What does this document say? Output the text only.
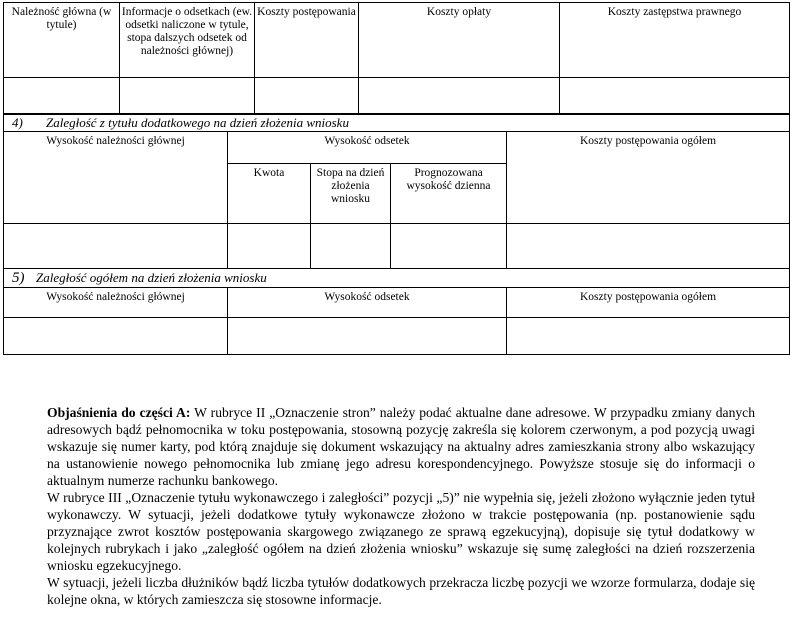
Należność główna (w tytule)	Informacje o odsetkach (ew. odsetki naliczone w tytule, stopa dalszych odsetek od należności głównej)	Koszty postępowania	Koszty opłaty	Koszty zastępstwa prawnego

4) Zaległość z tytułu dodatkowego na dzień złożenia wniosku				
Wysokość należności głównej	Wysokość odsetek			Koszty postępowania ogółem
	Kwota	Stopa na dzień złożenia wniosku	Prognozowana wysokość dzienna	

5) Zaległość ogółem na dzień złożenia wniosku		
Wysokość należności głównej	Wysokość odsetek	Koszty postępowania ogółem

Objaśnienia do części A: W rubryce II „Oznaczenie stron” należy podać aktualne dane adresowe. W przypadku zmiany danych adresowych bądź pełnomocnika w toku postępowania, stosowną pozycję zakreśla się kolorem czerwonym, a pod pozycją uwagi wskazuje się numer karty, pod którą znajduje się dokument wskazujący na aktualny adres zamieszkania strony albo wskazujący na ustanowienie nowego pełnomocnika lub zmianę jego adresu korespondencyjnego. Powyższe stosuje się do informacji o aktualnym numerze rachunku bankowego.

W rubryce III „Oznaczenie tytułu wykonawczego i zaległości” pozycji „5)” nie wypełnia się, jeżeli złożono wyłącznie jeden tytuł wykonawczy. W sytuacji, jeżeli dodatkowe tytuły wykonawcze złożono w trakcie postępowania (np. postanowienie sądu przyznające zwrot kosztów postępowania skargowego związanego ze sprawą egzekucyjną), dopisuje się tytuł dodatkowy w kolejnych rubrykach i jako „zaległość ogółem na dzień złożenia wniosku” wskazuje się sumę zaległości na dzień rozszerzenia wniosku egzekucyjnego.

W sytuacji, jeżeli liczba dłużników bądź liczba tytułów dodatkowych przekracza liczbę pozycji we wzorze formularza, dodaje się kolejne okna, w których zamieszcza się stosowne informacje.
